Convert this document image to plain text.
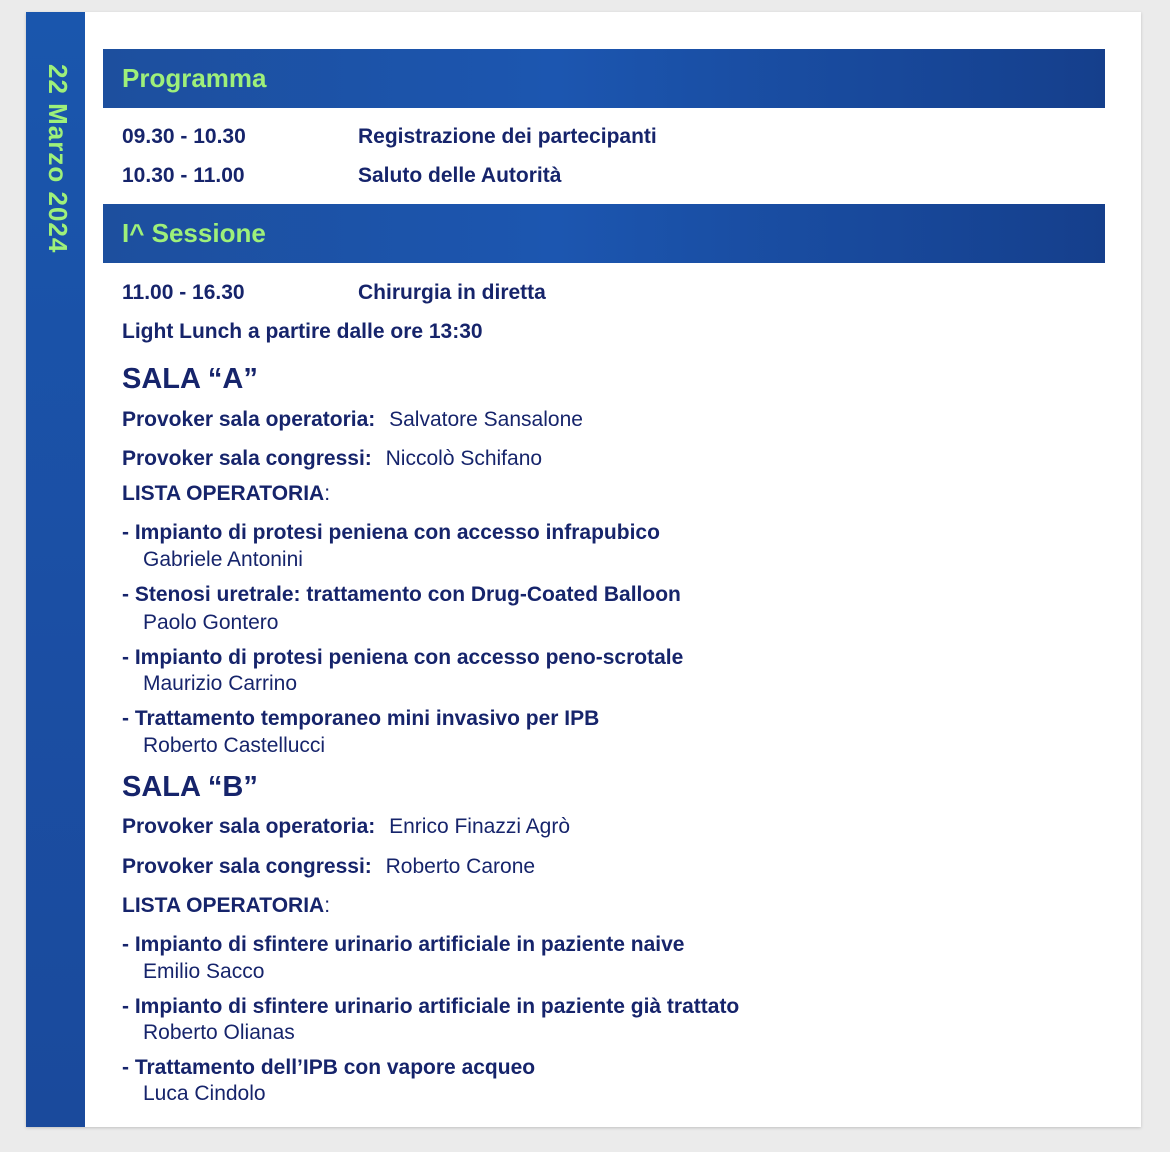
22 Marzo 2024 Programma
09.30 - 10.30	Registrazione dei partecipanti
10.30 - 11.00	Saluto delle Autorità
I^ Sessione
11.00 - 16.30	Chirurgia in diretta
Light Lunch a partire dalle ore 13:30
SALA “A”
Provoker sala operatoria: Salvatore Sansalone
Provoker sala congressi: Niccolò Schifano
LISTA OPERATORIA:
- Impianto di protesi peniena con accesso infrapubico
Gabriele Antonini
- Stenosi uretrale: trattamento con Drug-Coated Balloon
Paolo Gontero
- Impianto di protesi peniena con accesso peno-scrotale
Maurizio Carrino
- Trattamento temporaneo mini invasivo per IPB
Roberto Castellucci
SALA “B”
Provoker sala operatoria: Enrico Finazzi Agrò
Provoker sala congressi: Roberto Carone
LISTA OPERATORIA:
- Impianto di sfintere urinario artificiale in paziente naive
Emilio Sacco
- Impianto di sfintere urinario artificiale in paziente già trattato
Roberto Olianas
- Trattamento dell’IPB con vapore acqueo
Luca Cindolo
